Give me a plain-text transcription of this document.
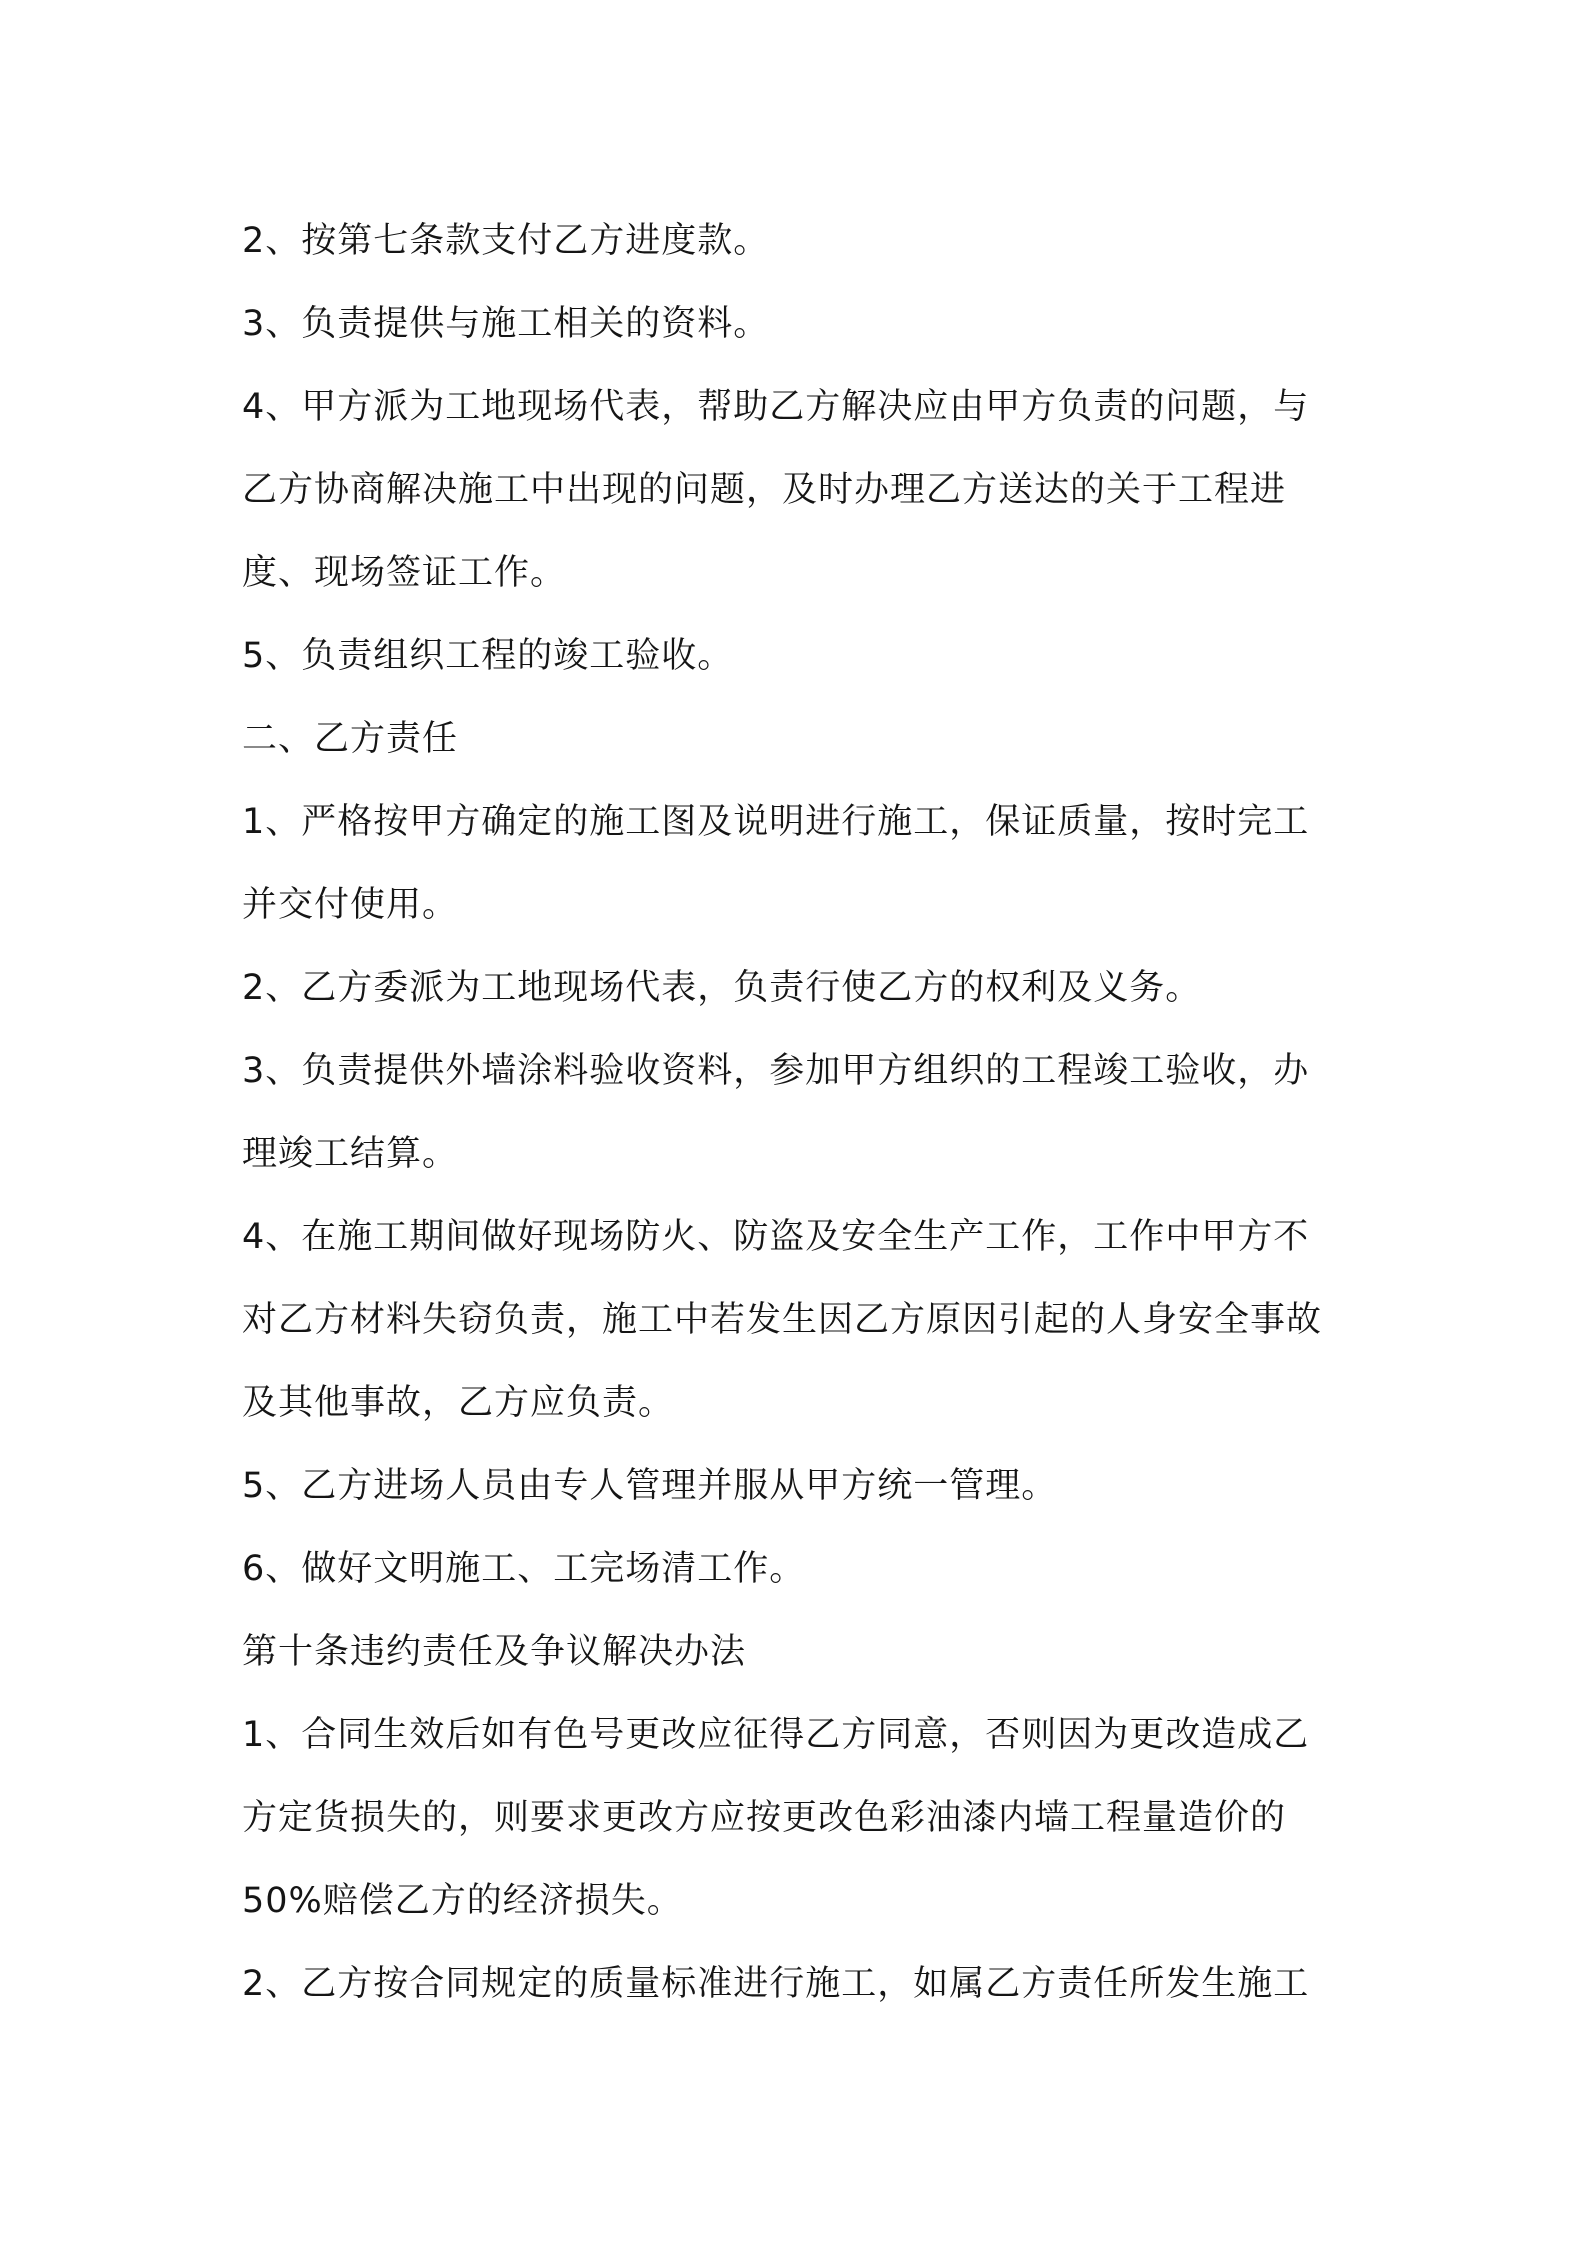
2、按第七条款支付乙方进度款。
3、负责提供与施工相关的资料。
4、甲方派为工地现场代表，帮助乙方解决应由甲方负责的问题，与
乙方协商解决施工中出现的问题，及时办理乙方送达的关于工程进
度、现场签证工作。
5、负责组织工程的竣工验收。
二、乙方责任
1、严格按甲方确定的施工图及说明进行施工，保证质量，按时完工
并交付使用。
2、乙方委派为工地现场代表，负责行使乙方的权利及义务。
3、负责提供外墙涂料验收资料，参加甲方组织的工程竣工验收，办
理竣工结算。
4、在施工期间做好现场防火、防盗及安全生产工作，工作中甲方不
对乙方材料失窃负责，施工中若发生因乙方原因引起的人身安全事故
及其他事故，乙方应负责。
5、乙方进场人员由专人管理并服从甲方统一管理。
6、做好文明施工、工完场清工作。
第十条违约责任及争议解决办法
1、合同生效后如有色号更改应征得乙方同意，否则因为更改造成乙
方定货损失的，则要求更改方应按更改色彩油漆内墙工程量造价的
50%赔偿乙方的经济损失。
2、乙方按合同规定的质量标准进行施工，如属乙方责任所发生施工
